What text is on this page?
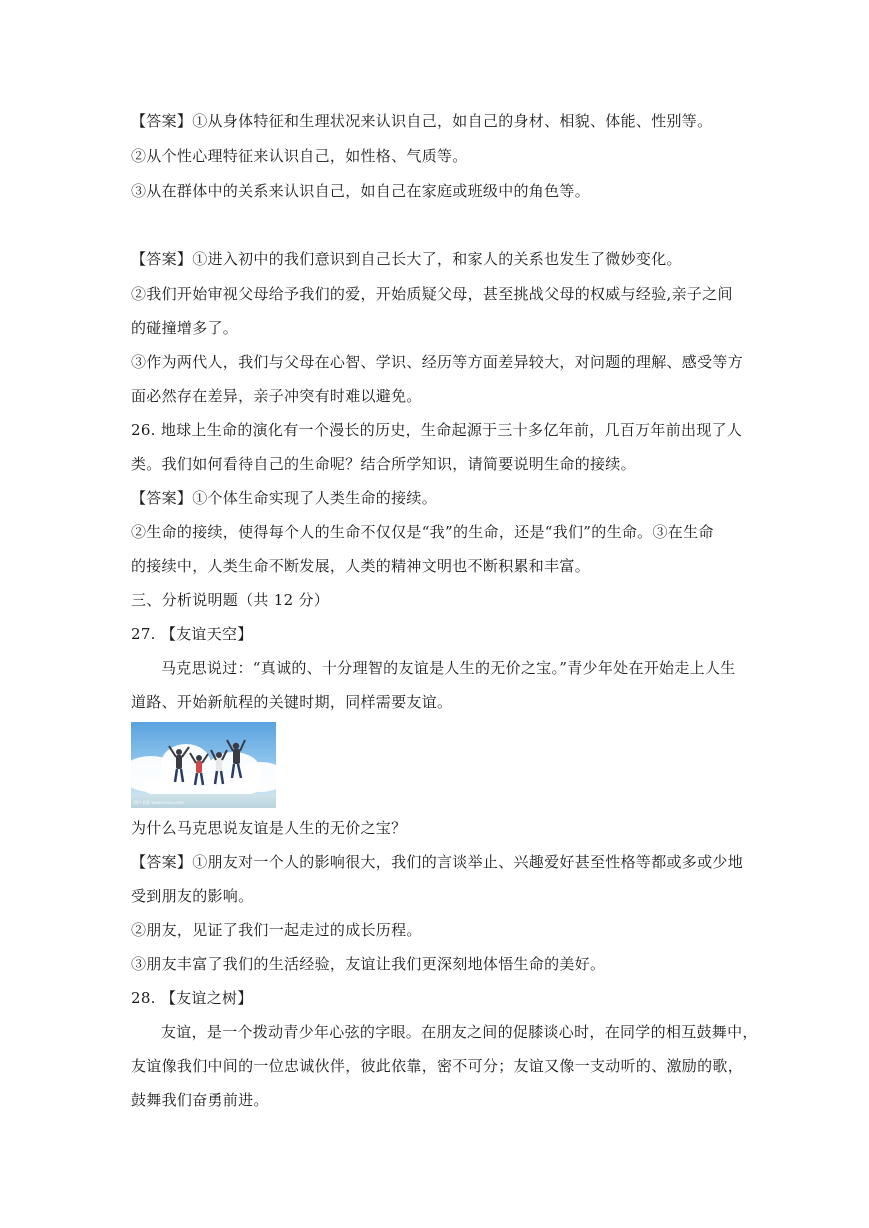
【答案】①从身体特征和生理状况来认识自己，如自己的身材、相貌、体能、性别等。
②从个性心理特征来认识自己，如性格、气质等。
③从在群体中的关系来认识自己，如自己在家庭或班级中的角色等。
【答案】①进入初中的我们意识到自己长大了，和家人的关系也发生了微妙变化。
②我们开始审视父母给予我们的爱，开始质疑父母，甚至挑战父母的权威与经验,亲子之间
的碰撞增多了。
③作为两代人，我们与父母在心智、学识、经历等方面差异较大，对问题的理解、感受等方
面必然存在差异，亲子冲突有时难以避免。
26. 地球上生命的演化有一个漫长的历史，生命起源于三十多亿年前，几百万年前出现了人
类。我们如何看待自己的生命呢？结合所学知识，请简要说明生命的接续。
【答案】①个体生命实现了人类生命的接续。
②生命的接续，使得每个人的生命不仅仅是“我”的生命，还是“我们”的生命。③在生命
的接续中，人类生命不断发展，人类的精神文明也不断积累和丰富。
三、分析说明题（共 12 分）
27. 【友谊天空】
马克思说过：“真诚的、十分理智的友谊是人生的无价之宝。”青少年处在开始走上人生
道路、开始新航程的关键时期，同样需要友谊。
图片来源 www.xxxxx.com
为什么马克思说友谊是人生的无价之宝？
【答案】①朋友对一个人的影响很大，我们的言谈举止、兴趣爱好甚至性格等都或多或少地
受到朋友的影响。
②朋友，见证了我们一起走过的成长历程。
③朋友丰富了我们的生活经验，友谊让我们更深刻地体悟生命的美好。
28. 【友谊之树】
友谊，是一个拨动青少年心弦的字眼。在朋友之间的促膝谈心时，在同学的相互鼓舞中，
友谊像我们中间的一位忠诚伙伴，彼此依靠，密不可分；友谊又像一支动听的、激励的歌，
鼓舞我们奋勇前进。
